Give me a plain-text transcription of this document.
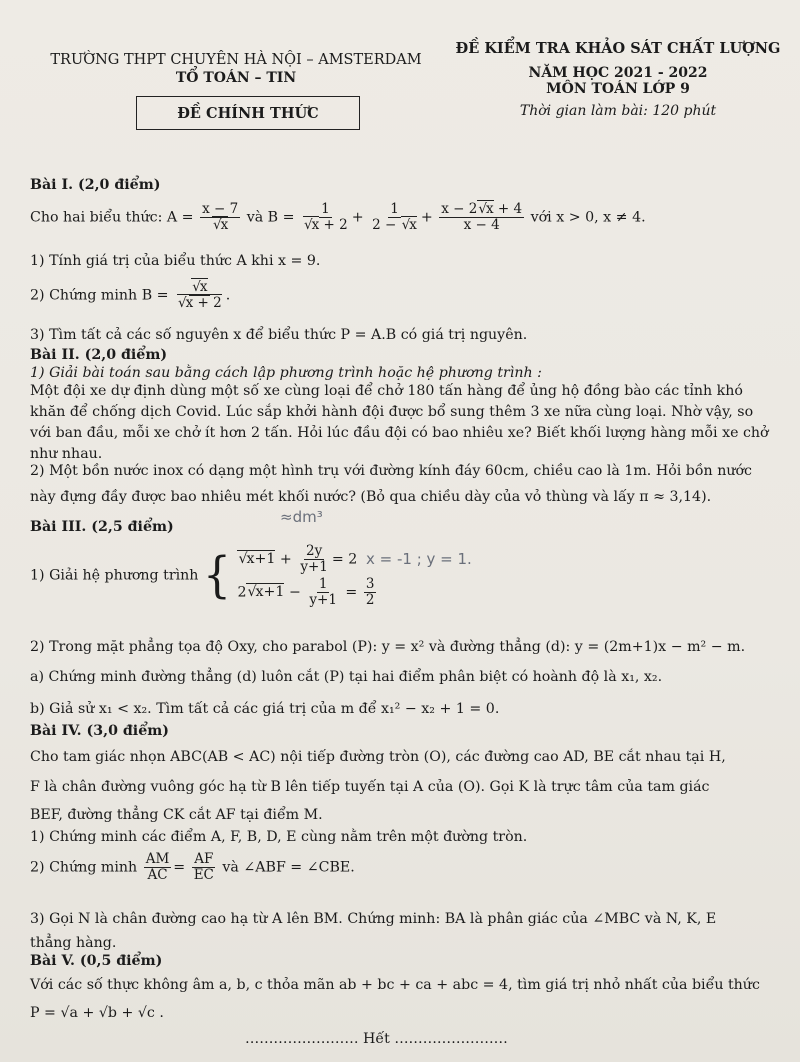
TRƯỜNG THPT CHUYÊN HÀ NỘI – AMSTERDAM
TỔ TOÁN – TIN
ĐỀ CHÍNH THỨC
ĐỀ KIỂM TRA KHẢO SÁT CHẤT LƯỢNG
NĂM HỌC 2021 - 2022
MÔN TOÁN LỚP 9
Thời gian làm bài: 120 phút
Bài I. (2,0 điểm)
Cho hai biểu thức: A = x − 7
√ x và B = 1
√ $x + 2 + \frac{1}{2 - √ x} + \frac{x - 2 √ x + 4}{x - 4}$ với x > 0, x ≠ 4.
1) Tính giá trị của biểu thức A khi x = 9.
2) Chứng minh B = √ x
√ x + 2 .
3) Tìm tất cả các số nguyên x để biểu thức P = A.B có giá trị nguyên.
Bài II. (2,0 điểm)
1) Giải bài toán sau bằng cách lập phương trình hoặc hệ phương trình :
Một đội xe dự định dùng một số xe cùng loại để chở 180 tấn hàng để ủng hộ đồng bào các tỉnh khó
khăn để chống dịch Covid. Lúc sắp khởi hành đội được bổ sung thêm 3 xe nữa cùng loại. Nhờ vậy, so
với ban đầu, mỗi xe chở ít hơn 2 tấn. Hỏi lúc đầu đội có bao nhiêu xe? Biết khối lượng hàng mỗi xe chở
như nhau.
2) Một bồn nước inox có dạng một hình trụ với đường kính đáy 60cm, chiều cao là 1m. Hỏi bồn nước
này đựng đầy được bao nhiêu mét khối nước? (Bỏ qua chiều dày của vỏ thùng và lấy π ≈ 3,14).
≈dm³
Bài III. (2,5 điểm)
1) Giải hệ phương trình {	√ $x+1 + \frac{2y}{y+1} = 2$
2 √ $x+1 - \frac{1}{y+1} = \frac{3}{2}$
x = -1 ; y = 1.
2) Trong mặt phẳng tọa độ Oxy, cho parabol (P): y = x² và đường thẳng (d): y = (2m+1)x − m² − m.
a) Chứng minh đường thẳng (d) luôn cắt (P) tại hai điểm phân biệt có hoành độ là x₁, x₂.
b) Giả sử x₁ < x₂. Tìm tất cả các giá trị của m để x₁² − x₂ + 1 = 0.
Bài IV. (3,0 điểm)
Cho tam giác nhọn ABC(AB < AC) nội tiếp đường tròn (O), các đường cao AD, BE cắt nhau tại H,
F là chân đường vuông góc hạ từ B lên tiếp tuyến tại A của (O). Gọi K là trực tâm của tam giác
BEF, đường thẳng CK cắt AF tại điểm M.
1) Chứng minh các điểm A, F, B, D, E cùng nằm trên một đường tròn.
2) Chứng minh $\frac{AM}{AC} = \frac{AF}{EC}$ và ∠ABF = ∠CBE.
3) Gọi N là chân đường cao hạ từ A lên BM. Chứng minh: BA là phân giác của ∠MBC và N, K, E
thẳng hàng.
Bài V. (0,5 điểm)
Với các số thực không âm a, b, c thỏa mãn ab + bc + ca + abc = 4, tìm giá trị nhỏ nhất của biểu thức
P = √a + √b + √c .
…………………… Hết ……………………
